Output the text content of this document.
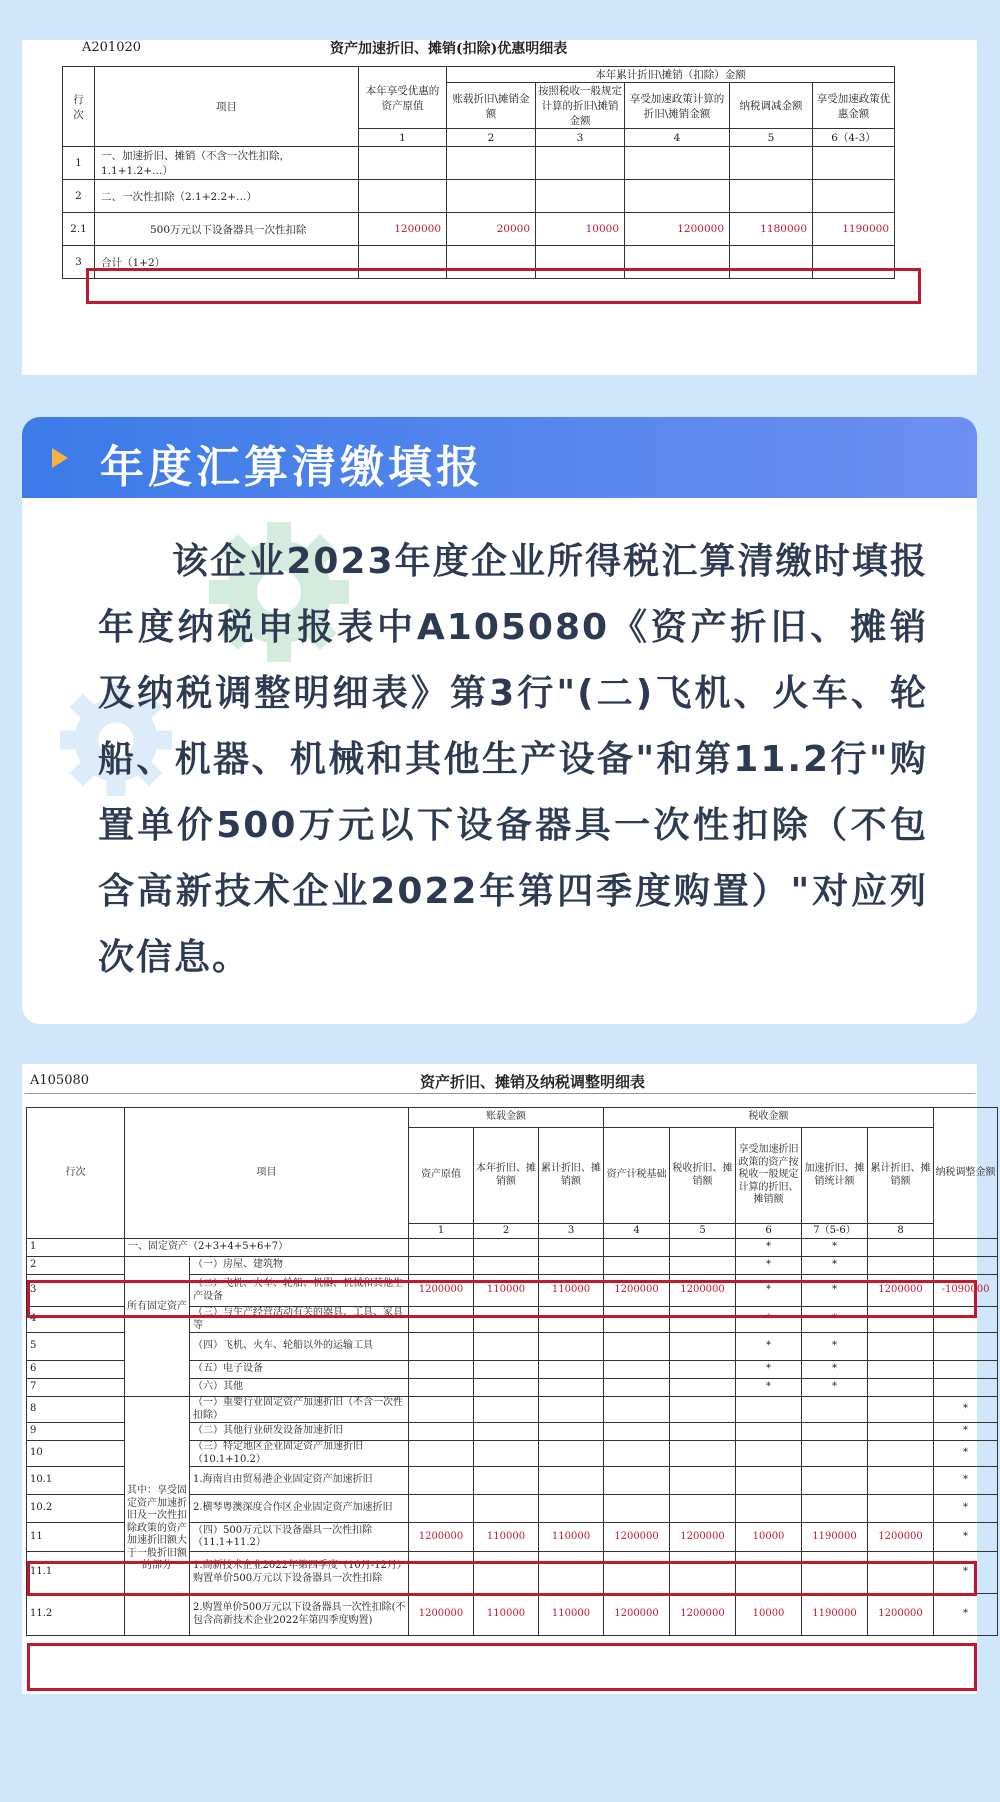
A201020	资产加速折旧、摊销(扣除)优惠明细表
行
次	项目	本年享受优惠的资产原值	本年累计折旧\摊销（扣除）金额				
			账载折旧\摊销金额	按照税收一般规定计算的折旧\摊销金额	享受加速政策计算的折旧\摊销金额	纳税调减金额	享受加速政策优惠金额
		1	2	3	4	5	6（4-3）
1	一、加速折旧、摊销（不含一次性扣除，1.1+1.2+…）						
2	二、一次性扣除（2.1+2.2+…）						
2.1	500万元以下设备器具一次性扣除	1200000	20000	10000	1200000	1180000	1190000
3	合计（1+2）						
年度汇算清缴填报
该企业2023年度企业所得税汇算清缴时填报年度纳税申报表中A105080《资产折旧、摊销及纳税调整明细表》第3行"(二)飞机、火车、轮船、机器、机械和其他生产设备"和第11.2行"购置单价500万元以下设备器具一次性扣除（不包含高新技术企业2022年第四季度购置）"对应列次信息。
A105080	资产折旧、摊销及纳税调整明细表
行次	项目		账载金额			税收金额					纳税调整金额
			资产原值	本年折旧、摊销额	累计折旧、摊销额	资产计税基础	税收折旧、摊销额	享受加速折旧政策的资产按税收一般规定计算的折旧、摊销额	加速折旧、摊销统计额	累计折旧、摊销额	
			1	2	3	4	5	6	7（5-6）	8	
1	一、固定资产（2+3+4+5+6+7）							*	*		
2	所有固定资产	（一）房屋、建筑物						*	*		
3		（二）飞机、火车、轮船、机器、机械和其他生产设备	1200000	110000	110000	1200000	1200000	*	*	1200000	-1090000
4		（三）与生产经营活动有关的器具、工具、家具等						*	*		
5		（四）飞机、火车、轮船以外的运输工具						*	*		
6		（五）电子设备						*	*		
7		（六）其他						*	*		
8	其中：享受固定资产加速折旧及一次性扣除政策的资产加速折旧额大于一般折旧额的部分	（一）重要行业固定资产加速折旧（不含一次性扣除）									*
9		（二）其他行业研发设备加速折旧									*
10		（三）特定地区企业固定资产加速折旧（10.1+10.2）									*
10.1		1.海南自由贸易港企业固定资产加速折旧									*
10.2		2.横琴粤澳深度合作区企业固定资产加速折旧									*
11		（四）500万元以下设备器具一次性扣除（11.1+11.2）	1200000	110000	110000	1200000	1200000	10000	1190000	1200000	*
11.1		1.高新技术企业2022年第四季度（10月-12月）购置单价500万元以下设备器具一次性扣除									*
11.2		2.购置单价500万元以下设备器具一次性扣除(不包含高新技术企业2022年第四季度购置)	1200000	110000	110000	1200000	1200000	10000	1190000	1200000	*
